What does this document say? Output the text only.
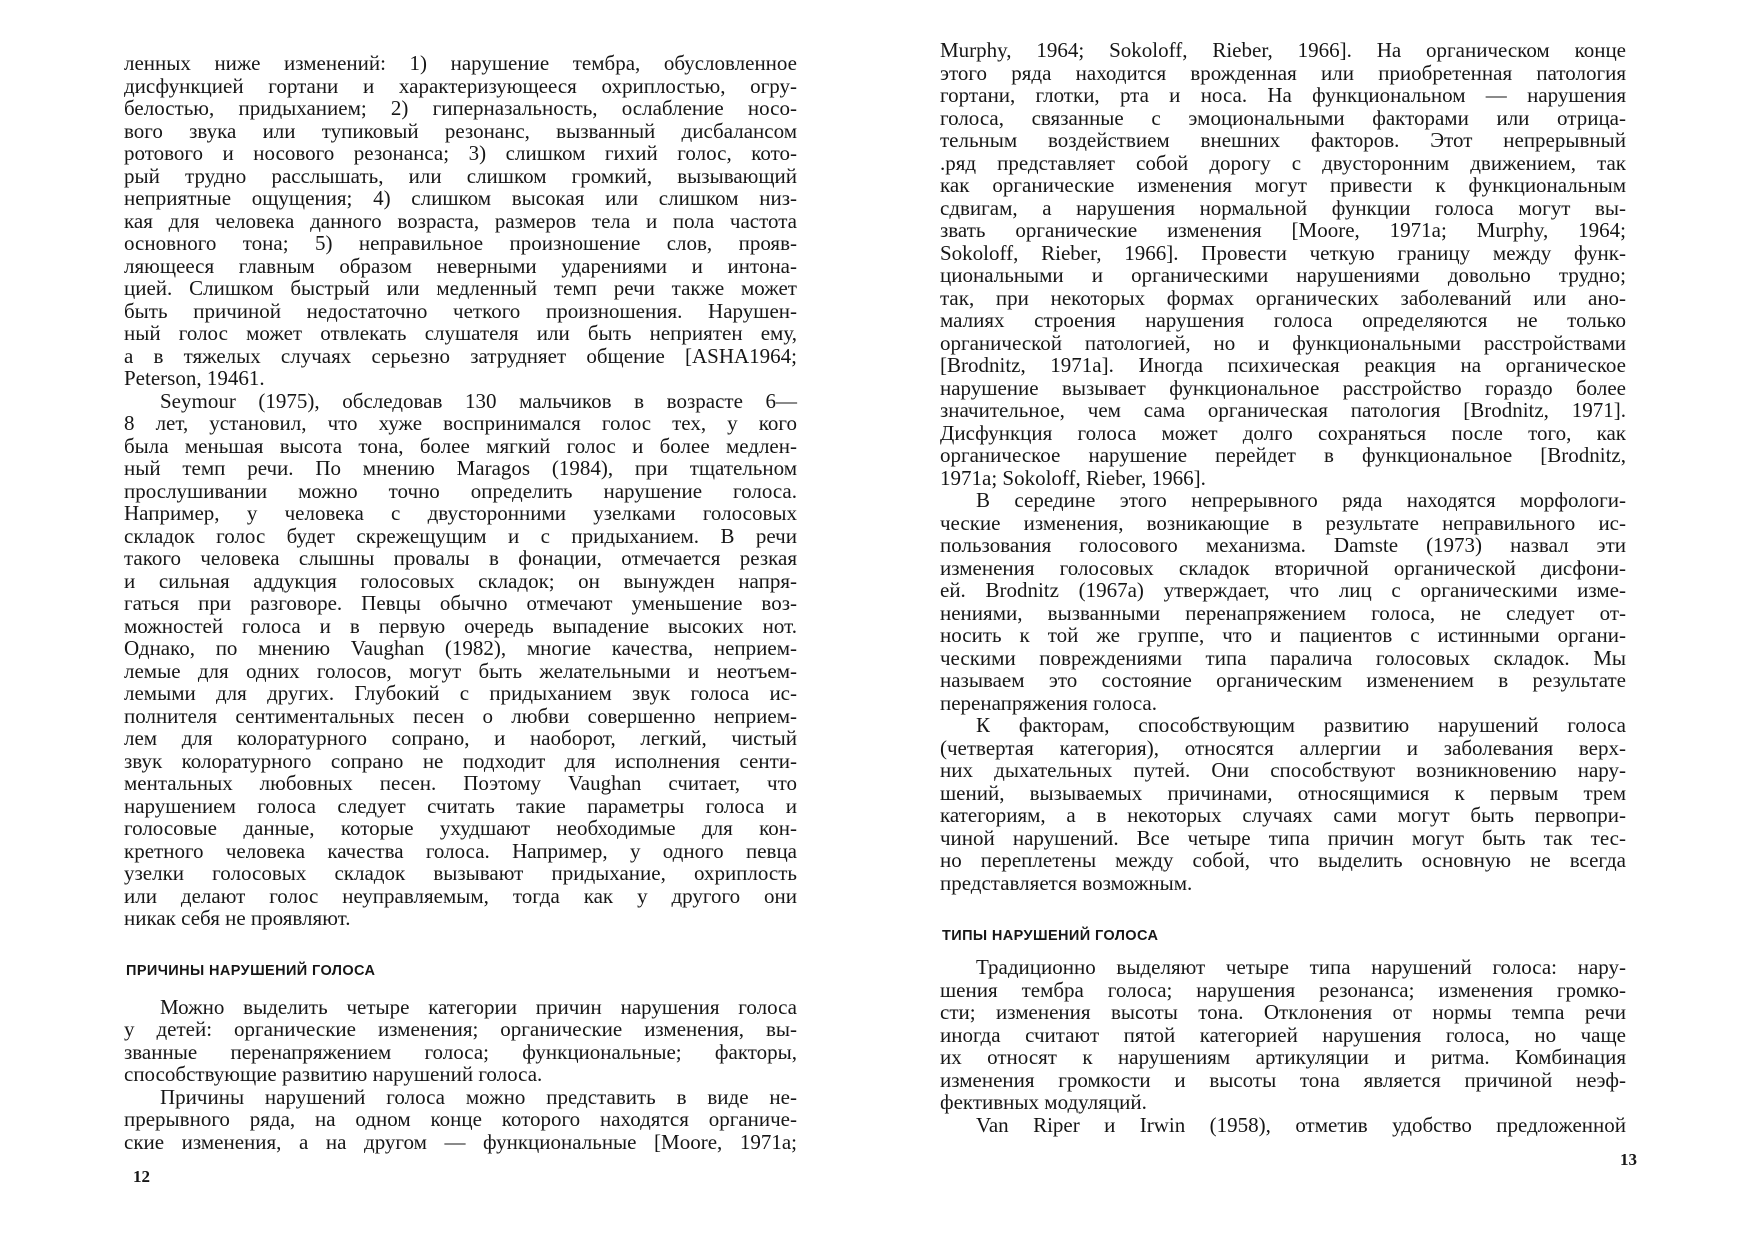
ленных ниже изменений: 1) нарушение тембра, обусловленное
дисфункцией гортани и характеризующееся охриплостью, огру-
белостью, придыханием; 2) гиперназальность, ослабление носо-
вого звука или тупиковый резонанс, вызванный дисбалансом
ротового и носового резонанса; 3) слишком гихий голос, кото-
рый трудно расслышать, или слишком громкий, вызывающий
неприятные ощущения; 4) слишком высокая или слишком низ-
кая для человека данного возраста, размеров тела и пола частота
основного тона; 5) неправильное произношение слов, прояв-
ляющееся главным образом неверными ударениями и интона-
цией. Слишком быстрый или медленный темп речи также может
быть причиной недостаточно четкого произношения. Нарушен-
ный голос может отвлекать слушателя или быть неприятен ему,
а в тяжелых случаях серьезно затрудняет общение [ASHA1964;
Peterson, 19461.
Seymour (1975), обследовав 130 мальчиков в возрасте 6—
8 лет, установил, что хуже воспринимался голос тех, у кого
была меньшая высота тона, более мягкий голос и более медлен-
ный темп речи. По мнению Maragos (1984), при тщательном
прослушивании можно точно определить нарушение голоса.
Например, у человека с двусторонними узелками голосовых
складок голос будет скрежещущим и с придыханием. В речи
такого человека слышны провалы в фонации, отмечается резкая
и сильная аддукция голосовых складок; он вынужден напря-
гаться при разговоре. Певцы обычно отмечают уменьшение воз-
можностей голоса и в первую очередь выпадение высоких нот.
Однако, по мнению Vaughan (1982), многие качества, неприем-
лемые для одних голосов, могут быть желательными и неотъем-
лемыми для других. Глубокий с придыханием звук голоса ис-
полнителя сентиментальных песен о любви совершенно неприем-
лем для колоратурного сопрано, и наоборот, легкий, чистый
звук колоратурного сопрано не подходит для исполнения сенти-
ментальных любовных песен. Поэтому Vaughan считает, что
нарушением голоса следует считать такие параметры голоса и
голосовые данные, которые ухудшают необходимые для кон-
кретного человека качества голоса. Например, у одного певца
узелки голосовых складок вызывают придыхание, охриплость
или делают голос неуправляемым, тогда как у другого они
никак себя не проявляют.
ПРИЧИНЫ НАРУШЕНИЙ ГОЛОСА
Можно выделить четыре категории причин нарушения голоса
у детей: органические изменения; органические изменения, вы-
званные перенапряжением голоса; функциональные; факторы,
способствующие развитию нарушений голоса.
Причины нарушений голоса можно представить в виде не-
прерывного ряда, на одном конце которого находятся органиче-
ские изменения, а на другом — функциональные [Moore, 1971a;
Murphy, 1964; Sokoloff, Rieber, 1966]. На органическом конце
этого ряда находится врожденная или приобретенная патология
гортани, глотки, рта и носа. На функциональном — нарушения
голоса, связанные с эмоциональными факторами или отрица-
тельным воздействием внешних факторов. Этот непрерывный
.ряд представляет собой дорогу с двусторонним движением, так
как органические изменения могут привести к функциональным
сдвигам, а нарушения нормальной функции голоса могут вы-
звать органические изменения [Moore, 1971a; Murphy, 1964;
Sokoloff, Rieber, 1966]. Провести четкую границу между функ-
циональными и органическими нарушениями довольно трудно;
так, при некоторых формах органических заболеваний или ано-
малиях строения нарушения голоса определяются не только
органической патологией, но и функциональными расстройствами
[Brodnitz, 1971a]. Иногда психическая реакция на органическое
нарушение вызывает функциональное расстройство гораздо более
значительное, чем сама органическая патология [Brodnitz, 1971].
Дисфункция голоса может долго сохраняться после того, как
органическое нарушение перейдет в функциональное [Brodnitz,
1971a; Sokoloff, Rieber, 1966].
В середине этого непрерывного ряда находятся морфологи-
ческие изменения, возникающие в результате неправильного ис-
пользования голосового механизма. Damste (1973) назвал эти
изменения голосовых складок вторичной органической дисфони-
ей. Brodnitz (1967a) утверждает, что лиц с органическими изме-
нениями, вызванными перенапряжением голоса, не следует от-
носить к той же группе, что и пациентов с истинными органи-
ческими повреждениями типа паралича голосовых складок. Мы
называем это состояние органическим изменением в результате
перенапряжения голоса.
К факторам, способствующим развитию нарушений голоса
(четвертая категория), относятся аллергии и заболевания верх-
них дыхательных путей. Они способствуют возникновению нару-
шений, вызываемых причинами, относящимися к первым трем
категориям, а в некоторых случаях сами могут быть первопри-
чиной нарушений. Все четыре типа причин могут быть так тес-
но переплетены между собой, что выделить основную не всегда
представляется возможным.
ТИПЫ НАРУШЕНИЙ ГОЛОСА
Традиционно выделяют четыре типа нарушений голоса: нару-
шения тембра голоса; нарушения резонанса; изменения громко-
сти; изменения высоты тона. Отклонения от нормы темпа речи
иногда считают пятой категорией нарушения голоса, но чаще
их относят к нарушениям артикуляции и ритма. Комбинация
изменения громкости и высоты тона является причиной неэф-
фективных модуляций.
Van Riper и Irwin (1958), отметив удобство предложенной
12
13
